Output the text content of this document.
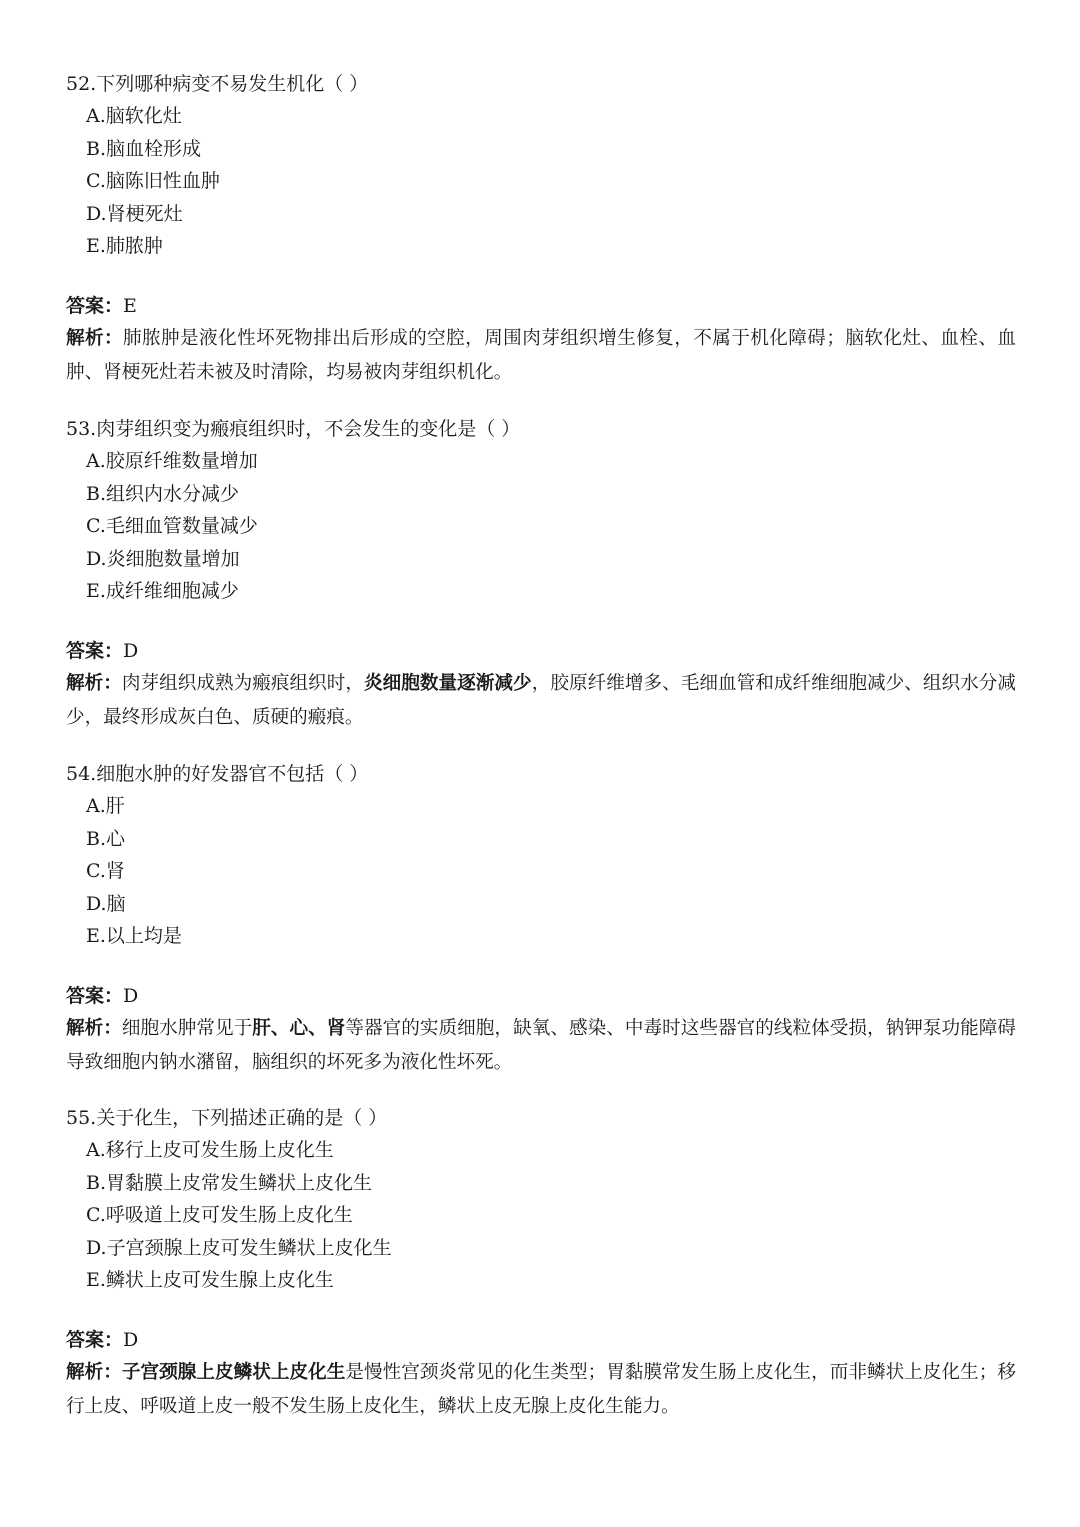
52.下列哪种病变不易发生机化（ ）
A.脑软化灶
B.脑血栓形成
C.脑陈旧性血肿
D.肾梗死灶
E.肺脓肿
答案：E
解析：肺脓肿是液化性坏死物排出后形成的空腔，周围肉芽组织增生修复，不属于机化障碍；脑软化灶、血栓、血肿、肾梗死灶若未被及时清除，均易被肉芽组织机化。
53.肉芽组织变为瘢痕组织时，不会发生的变化是（ ）
A.胶原纤维数量增加
B.组织内水分减少
C.毛细血管数量减少
D.炎细胞数量增加
E.成纤维细胞减少
答案：D
解析：肉芽组织成熟为瘢痕组织时，炎细胞数量逐渐减少，胶原纤维增多、毛细血管和成纤维细胞减少、组织水分减少，最终形成灰白色、质硬的瘢痕。
54.细胞水肿的好发器官不包括（ ）
A.肝
B.心
C.肾
D.脑
E.以上均是
答案：D
解析：细胞水肿常见于肝、心、肾等器官的实质细胞，缺氧、感染、中毒时这些器官的线粒体受损，钠钾泵功能障碍导致细胞内钠水潴留，脑组织的坏死多为液化性坏死。
55.关于化生，下列描述正确的是（ ）
A.移行上皮可发生肠上皮化生
B.胃黏膜上皮常发生鳞状上皮化生
C.呼吸道上皮可发生肠上皮化生
D.子宫颈腺上皮可发生鳞状上皮化生
E.鳞状上皮可发生腺上皮化生
答案：D
解析：子宫颈腺上皮鳞状上皮化生是慢性宫颈炎常见的化生类型；胃黏膜常发生肠上皮化生，而非鳞状上皮化生；移行上皮、呼吸道上皮一般不发生肠上皮化生，鳞状上皮无腺上皮化生能力。
